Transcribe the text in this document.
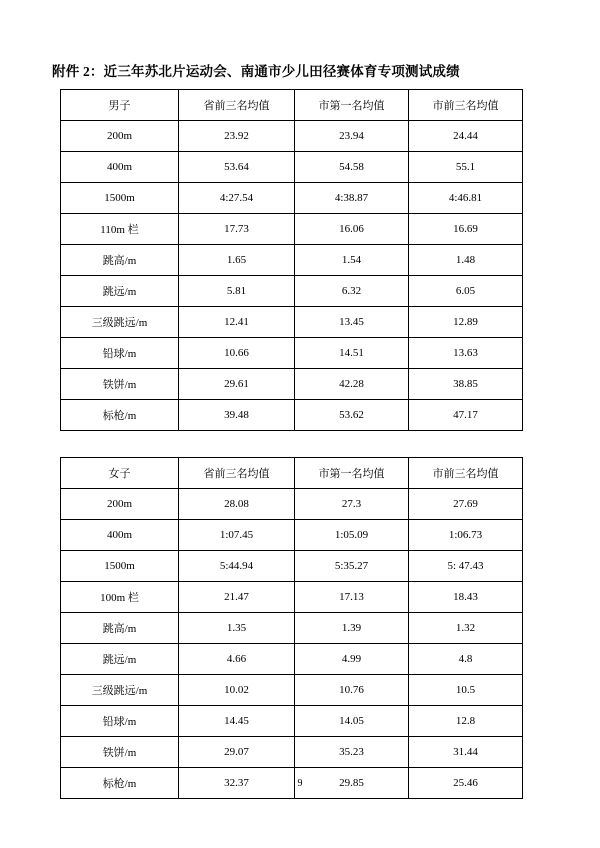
附件 2：近三年苏北片运动会、南通市少儿田径赛体育专项测试成绩
男子	省前三名均值	市第一名均值	市前三名均值
200m	23.92	23.94	24.44
400m	53.64	54.58	55.1
1500m	4:27.54	4:38.87	4:46.81
110m 栏	17.73	16.06	16.69
跳高/m	1.65	1.54	1.48
跳远/m	5.81	6.32	6.05
三级跳远/m	12.41	13.45	12.89
铅球/m	10.66	14.51	13.63
铁饼/m	29.61	42.28	38.85
标枪/m	39.48	53.62	47.17
女子	省前三名均值	市第一名均值	市前三名均值
200m	28.08	27.3	27.69
400m	1:07.45	1:05.09	1:06.73
1500m	5:44.94	5:35.27	5: 47.43
100m 栏	21.47	17.13	18.43
跳高/m	1.35	1.39	1.32
跳远/m	4.66	4.99	4.8
三级跳远/m	10.02	10.76	10.5
铅球/m	14.45	14.05	12.8
铁饼/m	29.07	35.23	31.44
标枪/m	32.37	29.85	25.46
9
